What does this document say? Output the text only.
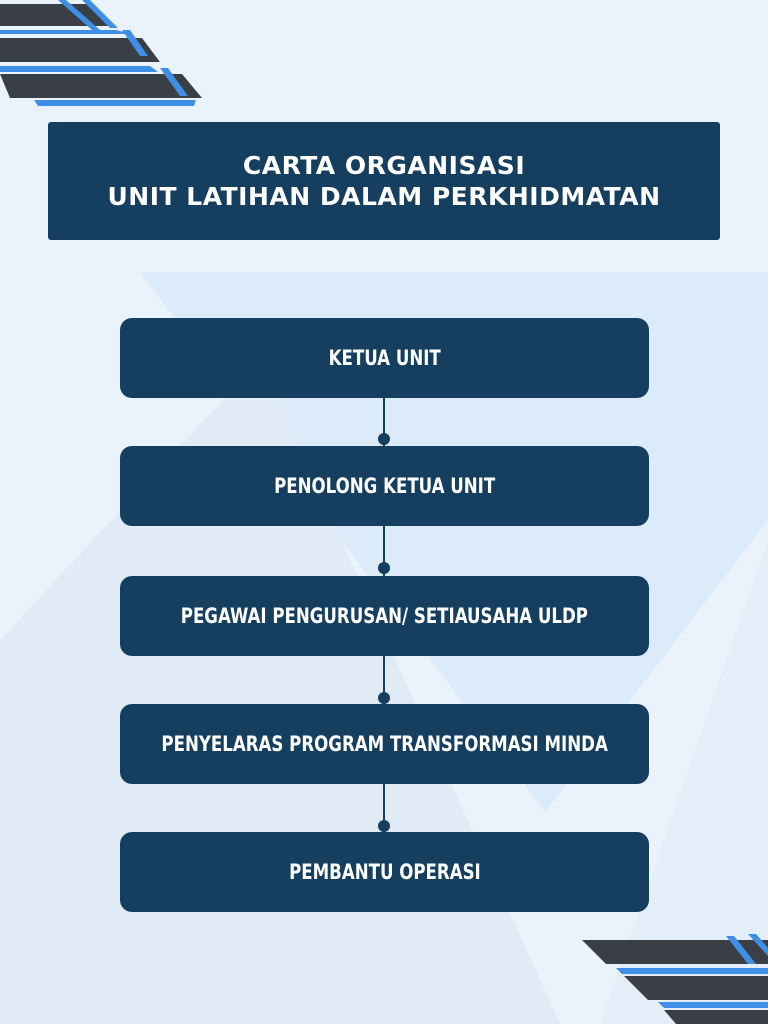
CARTA ORGANISASI
UNIT LATIHAN DALAM PERKHIDMATAN
KETUA UNIT
PENOLONG KETUA UNIT
PEGAWAI PENGURUSAN/ SETIAUSAHA ULDP
PENYELARAS PROGRAM TRANSFORMASI MINDA
PEMBANTU OPERASI
